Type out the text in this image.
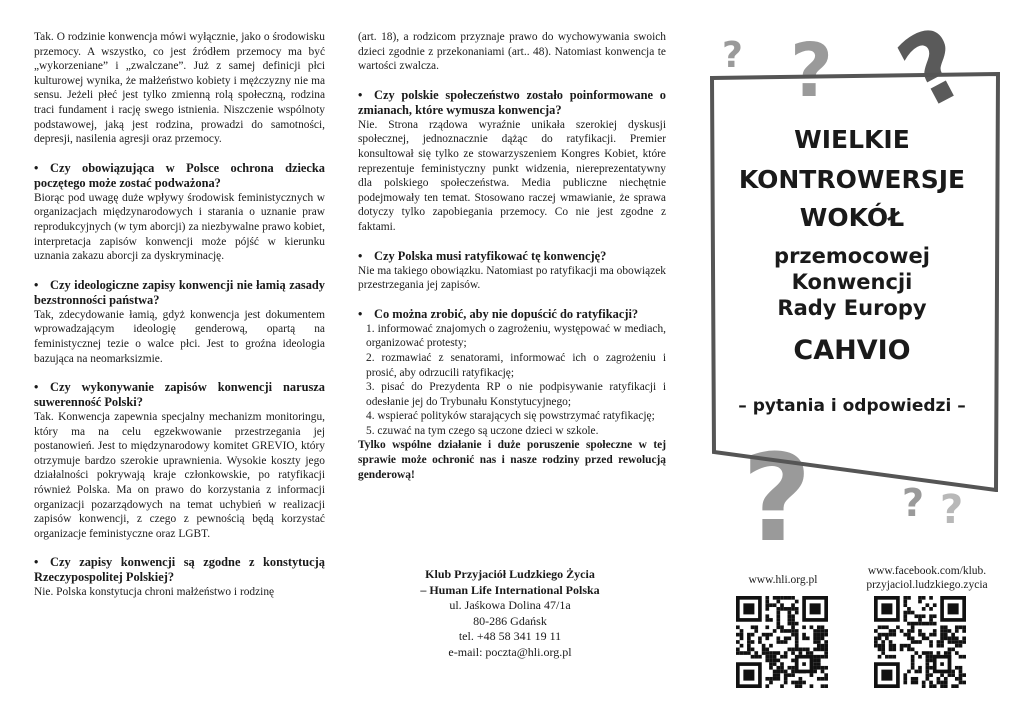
Tak. O rodzinie konwencja mówi wyłącznie, jako o środowisku przemocy. A wszystko, co jest źródłem przemocy ma być „wykorzeniane” i „zwalczane”. Już z samej definicji płci kulturowej wynika, że małżeństwo kobiety i mężczyzny nie ma sensu. Jeżeli płeć jest tylko zmienną rolą społeczną, rodzina traci fundament i rację swego istnienia. Niszczenie wspólnoty podstawowej, jaką jest rodzina, prowadzi do samotności, depresji, nasilenia agresji oraz przemocy.

• Czy obowiązująca w Polsce ochrona dziecka poczętego może zostać podważona?

Biorąc pod uwagę duże wpływy środowisk feministycznych w organizacjach międzynarodowych i starania o uznanie praw reprodukcyjnych (w tym aborcji) za niezbywalne prawo kobiet, interpretacja zapisów konwencji może pójść w kierunku uznania zakazu aborcji za dyskryminację.

• Czy ideologiczne zapisy konwencji nie łamią zasady bezstronności państwa?

Tak, zdecydowanie łamią, gdyż konwencja jest dokumentem wprowadzającym ideologię genderową, opartą na feministycznej tezie o walce płci. Jest to groźna ideologia bazująca na neomarksizmie.

• Czy wykonywanie zapisów konwencji narusza suwerenność Polski?

Tak. Konwencja zapewnia specjalny mechanizm monitoringu, który ma na celu egzekwowanie przestrzegania jej postanowień. Jest to międzynarodowy komitet GREVIO, który otrzymuje bardzo szerokie uprawnienia. Wysokie koszty jego działalności pokrywają kraje członkowskie, po ratyfikacji również Polska. Ma on prawo do korzystania z informacji organizacji pozarządowych na temat uchybień w realizacji zapisów konwencji, z czego z pewnością będą korzystać organizacje feministyczne oraz LGBT.

• Czy zapisy konwencji są zgodne z konstytucją Rzeczypospolitej Polskiej?

Nie. Polska konstytucja chroni małżeństwo i rodzinę

(art. 18), a rodzicom przyznaje prawo do wychowywania swoich dzieci zgodnie z przekonaniami (art.. 48). Natomiast konwencja te wartości zwalcza.

• Czy polskie społeczeństwo zostało poinformowane o zmianach, które wymusza konwencja?

Nie. Strona rządowa wyraźnie unikała szerokiej dyskusji społecznej, jednoznacznie dążąc do ratyfikacji. Premier konsultował się tylko ze stowarzyszeniem Kongres Kobiet, które reprezentuje feministyczny punkt widzenia, niereprezentatywny dla polskiego społeczeństwa. Media publiczne niechętnie podejmowały ten temat. Stosowano raczej wmawianie, że sprawa dotyczy tylko zapobiegania przemocy. Co nie jest zgodne z faktami.

• Czy Polska musi ratyfikować tę konwencję?

Nie ma takiego obowiązku. Natomiast po ratyfikacji ma obowiązek przestrzegania jej zapisów.

• Co można zrobić, aby nie dopuścić do ratyfikacji?
1. informować znajomych o zagrożeniu, występować w mediach, organizować protesty;
2. rozmawiać z senatorami, informować ich o zagrożeniu i prosić, aby odrzucili ratyfikację;
3. pisać do Prezydenta RP o nie podpisywanie ratyfikacji i odesłanie jej do Trybunału Konstytucyjnego;
4. wspierać polityków starających się powstrzymać ratyfikację;
5. czuwać na tym czego są uczone dzieci w szkole.

Tylko wspólne działanie i duże poruszenie społeczne w tej sprawie może ochronić nas i nasze rodziny przed rewolucją genderową!

Klub Przyjaciół Ludzkiego Życia
– Human Life International Polska
ul. Jaśkowa Dolina 47/1a
80-286 Gdańsk
tel. +48 58 341 19 11
e-mail: poczta@hli.org.pl
? ? ?
? ? ?
WIELKIE
KONTROWERSJE
WOKÓŁ
przemocowej
Konwencji
Rady Europy
CAHVIO
– pytania i odpowiedzi –
www.hli.org.pl
www.facebook.com/klub.
przyjaciol.ludzkiego.zycia
